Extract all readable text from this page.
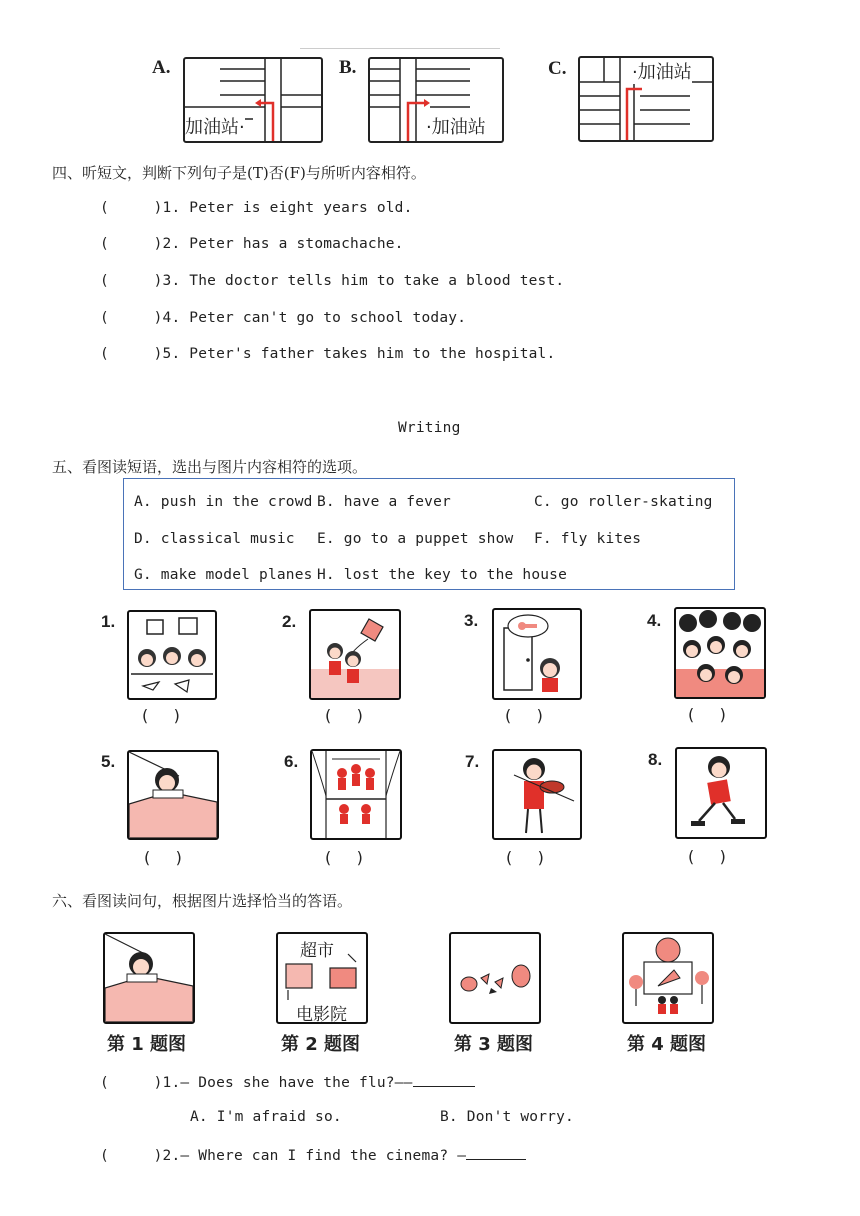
A.
加油站·
B.
·加油站
C.	·加油站
四、听短文，判断下列句子是(T)否(F)与所听内容相符。
(     )1. Peter is eight years old.
(     )2. Peter has a stomachache.
(     )3. The doctor tells him to take a blood test.
(     )4. Peter can't go to school today.
(     )5. Peter's father takes him to the hospital.
Writing
五、看图读短语，选出与图片内容相符的选项。
A. push in the crowd B. have a fever	C. go roller-skating
D. classical music E. go to a puppet show F. fly kites
G. make model planes H. lost the key to the house
1.
(     )
2.
(     )
3.
(     )
4.
(     )
5.
(     )
6.
(     )
7.
(     )
8.
(     )
六、看图读问句，根据图片选择恰当的答语。
第 1 题图
超市
电影院
第 2 题图	第 3 题图	第 4 题图
(     )1.— Does she have the flu?——
A. I'm afraid so.	B. Don't worry.
(     )2.— Where can I find the cinema? —
